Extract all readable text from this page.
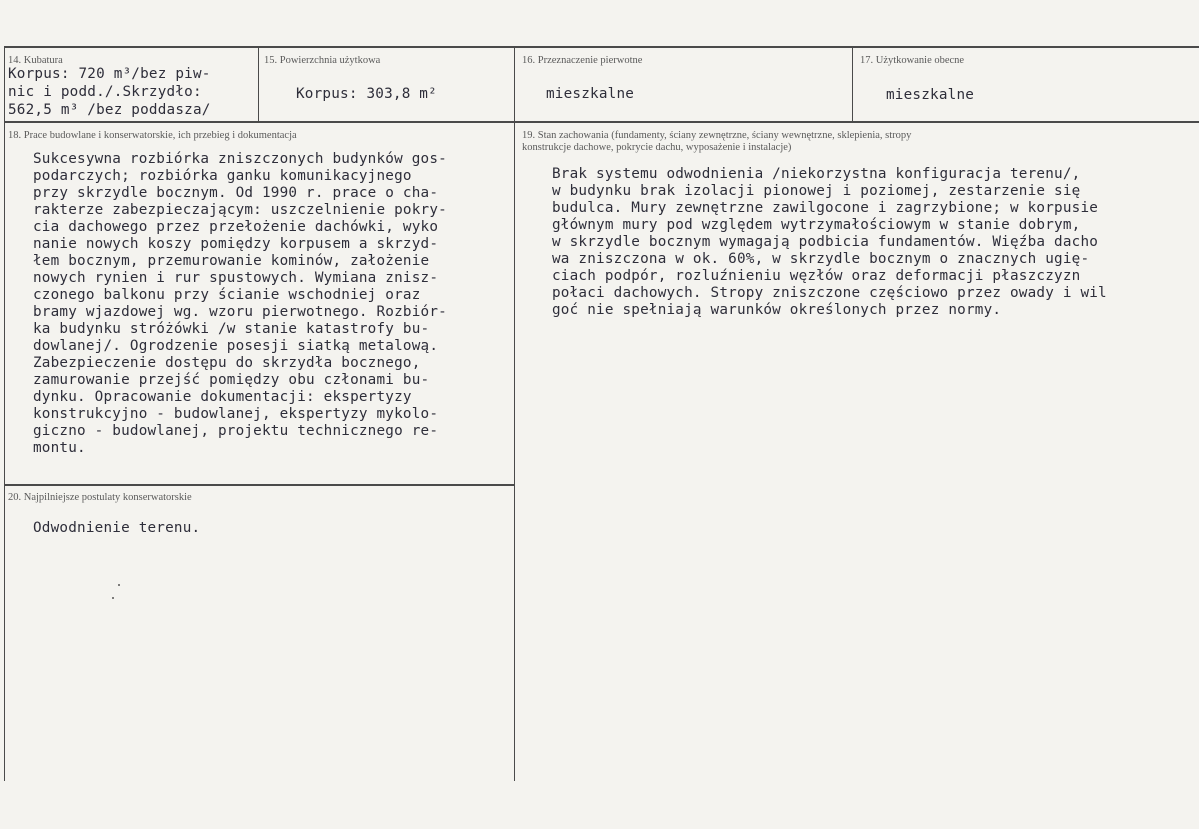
14. Kubatura
Korpus: 720 m³/bez piw-
nic i podd./.Skrzydło:
562,5 m³ /bez poddasza/
15. Powierzchnia użytkowa
Korpus: 303,8 m²
16. Przeznaczenie pierwotne
mieszkalne
17. Użytkowanie obecne
mieszkalne
18. Prace budowlane i konserwatorskie, ich przebieg i dokumentacja
Sukcesywna rozbiórka zniszczonych budynków gos-
podarczych; rozbiórka ganku komunikacyjnego
przy skrzydle bocznym. Od 1990 r. prace o cha-
rakterze zabezpieczającym: uszczelnienie pokry-
cia dachowego przez przełożenie dachówki, wyko
nanie nowych koszy pomiędzy korpusem a skrzyd-
łem bocznym, przemurowanie kominów, założenie
nowych rynien i rur spustowych. Wymiana znisz-
czonego balkonu przy ścianie wschodniej oraz
bramy wjazdowej wg. wzoru pierwotnego. Rozbiór-
ka budynku stróżówki /w stanie katastrofy bu-
dowlanej/. Ogrodzenie posesji siatką metalową.
Zabezpieczenie dostępu do skrzydła bocznego,
zamurowanie przejść pomiędzy obu członami bu-
dynku. Opracowanie dokumentacji: ekspertyzy
konstrukcyjno - budowlanej, ekspertyzy mykolo-
giczno - budowlanej, projektu technicznego re-
montu.
19. Stan zachowania (fundamenty, ściany zewnętrzne, ściany wewnętrzne, sklepienia, stropy
konstrukcje dachowe, pokrycie dachu, wyposażenie i instalacje)
Brak systemu odwodnienia /niekorzystna konfiguracja terenu/,
w budynku brak izolacji pionowej i poziomej, zestarzenie się
budulca. Mury zewnętrzne zawilgocone i zagrzybione; w korpusie
głównym mury pod względem wytrzymałościowym w stanie dobrym,
w skrzydle bocznym wymagają podbicia fundamentów. Więźba dacho
wa zniszczona w ok. 60%, w skrzydle bocznym o znacznych ugię-
ciach podpór, rozluźnieniu węzłów oraz deformacji płaszczyzn
połaci dachowych. Stropy zniszczone częściowo przez owady i wil
goć nie spełniają warunków określonych przez normy.
20. Najpilniejsze postulaty konserwatorskie
Odwodnienie terenu.
